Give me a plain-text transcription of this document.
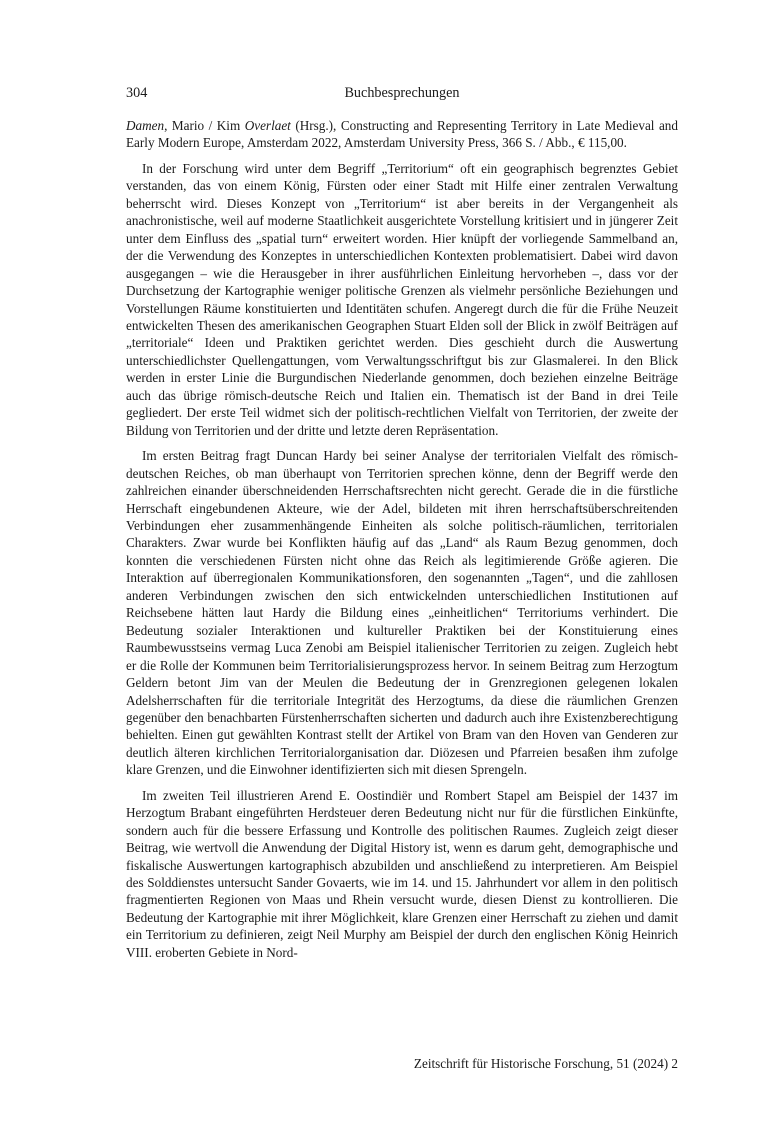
304	Buchbesprechungen

Damen, Mario / Kim Overlaet (Hrsg.), Constructing and Representing Territory in Late Medieval and Early Modern Europe, Amsterdam 2022, Amsterdam University Press, 366 S. / Abb., € 115,00.

In der Forschung wird unter dem Begriff „Territorium“ oft ein geographisch begrenztes Gebiet verstanden, das von einem König, Fürsten oder einer Stadt mit Hilfe einer zentralen Verwaltung beherrscht wird. Dieses Konzept von „Territorium“ ist aber bereits in der Vergangenheit als anachronistische, weil auf moderne Staatlichkeit ausgerichtete Vorstellung kritisiert und in jüngerer Zeit unter dem Einfluss des „spatial turn“ erweitert worden. Hier knüpft der vorliegende Sammelband an, der die Verwendung des Konzeptes in unterschiedlichen Kontexten problematisiert. Dabei wird davon ausgegangen – wie die Herausgeber in ihrer ausführlichen Einleitung hervorheben –, dass vor der Durchsetzung der Kartographie weniger politische Grenzen als vielmehr persönliche Beziehungen und Vorstellungen Räume konstituierten und Identitäten schufen. Angeregt durch die für die Frühe Neuzeit entwickelten Thesen des amerikanischen Geographen Stuart Elden soll der Blick in zwölf Beiträgen auf „territoriale“ Ideen und Praktiken gerichtet werden. Dies geschieht durch die Auswertung unterschiedlichster Quellengattungen, vom Verwaltungsschriftgut bis zur Glasmalerei. In den Blick werden in erster Linie die Burgundischen Niederlande genommen, doch beziehen einzelne Beiträge auch das übrige römisch-deutsche Reich und Italien ein. Thematisch ist der Band in drei Teile gegliedert. Der erste Teil widmet sich der politisch-rechtlichen Vielfalt von Territorien, der zweite der Bildung von Territorien und der dritte und letzte deren Repräsentation.

Im ersten Beitrag fragt Duncan Hardy bei seiner Analyse der territorialen Vielfalt des römisch-deutschen Reiches, ob man überhaupt von Territorien sprechen könne, denn der Begriff werde den zahlreichen einander überschneidenden Herrschaftsrechten nicht gerecht. Gerade die in die fürstliche Herrschaft eingebundenen Akteure, wie der Adel, bildeten mit ihren herrschaftsüberschreitenden Verbindungen eher zusammenhängende Einheiten als solche politisch-räumlichen, territorialen Charakters. Zwar wurde bei Konflikten häufig auf das „Land“ als Raum Bezug genommen, doch konnten die verschiedenen Fürsten nicht ohne das Reich als legitimierende Größe agieren. Die Interaktion auf überregionalen Kommunikationsforen, den sogenannten „Tagen“, und die zahllosen anderen Verbindungen zwischen den sich entwickelnden unterschiedlichen Institutionen auf Reichsebene hätten laut Hardy die Bildung eines „einheitlichen“ Territoriums verhindert. Die Bedeutung sozialer Interaktionen und kultureller Praktiken bei der Konstituierung eines Raumbewusstseins vermag Luca Zenobi am Beispiel italienischer Territorien zu zeigen. Zugleich hebt er die Rolle der Kommunen beim Territorialisierungsprozess hervor. In seinem Beitrag zum Herzogtum Geldern betont Jim van der Meulen die Bedeutung der in Grenzregionen gelegenen lokalen Adelsherrschaften für die territoriale Integrität des Herzogtums, da diese die räumlichen Grenzen gegenüber den benachbarten Fürstenherrschaften sicherten und dadurch auch ihre Existenzberechtigung behielten. Einen gut gewählten Kontrast stellt der Artikel von Bram van den Hoven van Genderen zur deutlich älteren kirchlichen Territorialorganisation dar. Diözesen und Pfarreien besaßen ihm zufolge klare Grenzen, und die Einwohner identifizierten sich mit diesen Sprengeln.

Im zweiten Teil illustrieren Arend E. Oostindiër und Rombert Stapel am Beispiel der 1437 im Herzogtum Brabant eingeführten Herdsteuer deren Bedeutung nicht nur für die fürstlichen Einkünfte, sondern auch für die bessere Erfassung und Kontrolle des politischen Raumes. Zugleich zeigt dieser Beitrag, wie wertvoll die Anwendung der Digital History ist, wenn es darum geht, demographische und fiskalische Auswertungen kartographisch abzubilden und anschließend zu interpretieren. Am Beispiel des Solddienstes untersucht Sander Govaerts, wie im 14. und 15. Jahrhundert vor allem in den politisch fragmentierten Regionen von Maas und Rhein versucht wurde, diesen Dienst zu kontrollieren. Die Bedeutung der Kartographie mit ihrer Möglichkeit, klare Grenzen einer Herrschaft zu ziehen und damit ein Territorium zu definieren, zeigt Neil Murphy am Beispiel der durch den englischen König Heinrich VIII. eroberten Gebiete in Nord-

Zeitschrift für Historische Forschung, 51 (2024) 2
